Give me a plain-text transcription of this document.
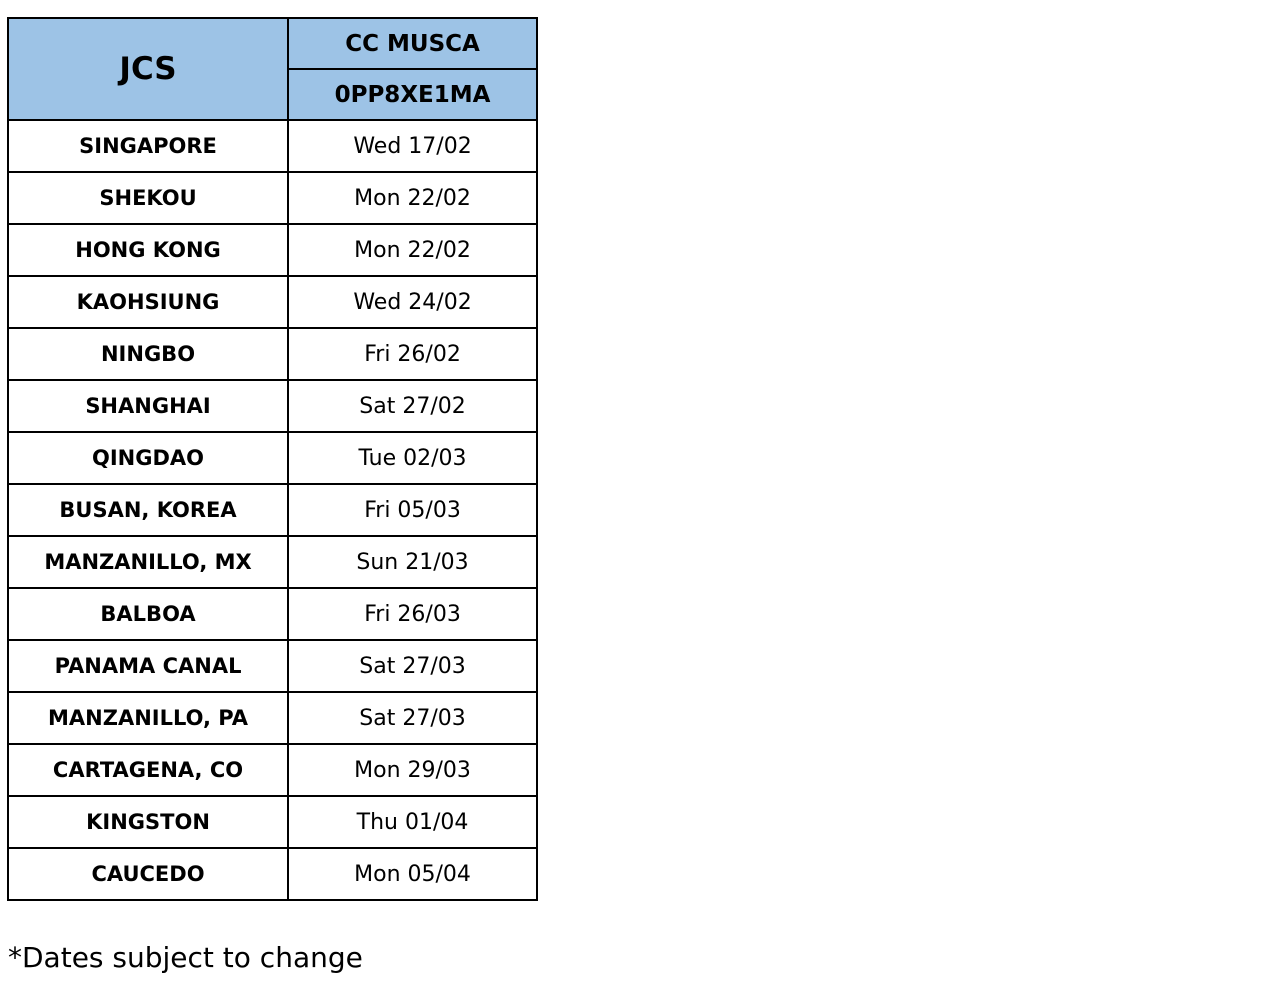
JCS	CC MUSCA
	0PP8XE1MA
SINGAPORE	Wed 17/02
SHEKOU	Mon 22/02
HONG KONG	Mon 22/02
KAOHSIUNG	Wed 24/02
NINGBO	Fri 26/02
SHANGHAI	Sat 27/02
QINGDAO	Tue 02/03
BUSAN, KOREA	Fri 05/03
MANZANILLO, MX	Sun 21/03
BALBOA	Fri 26/03
PANAMA CANAL	Sat 27/03
MANZANILLO, PA	Sat 27/03
CARTAGENA, CO	Mon 29/03
KINGSTON	Thu 01/04
CAUCEDO	Mon 05/04
*Dates subject to change
